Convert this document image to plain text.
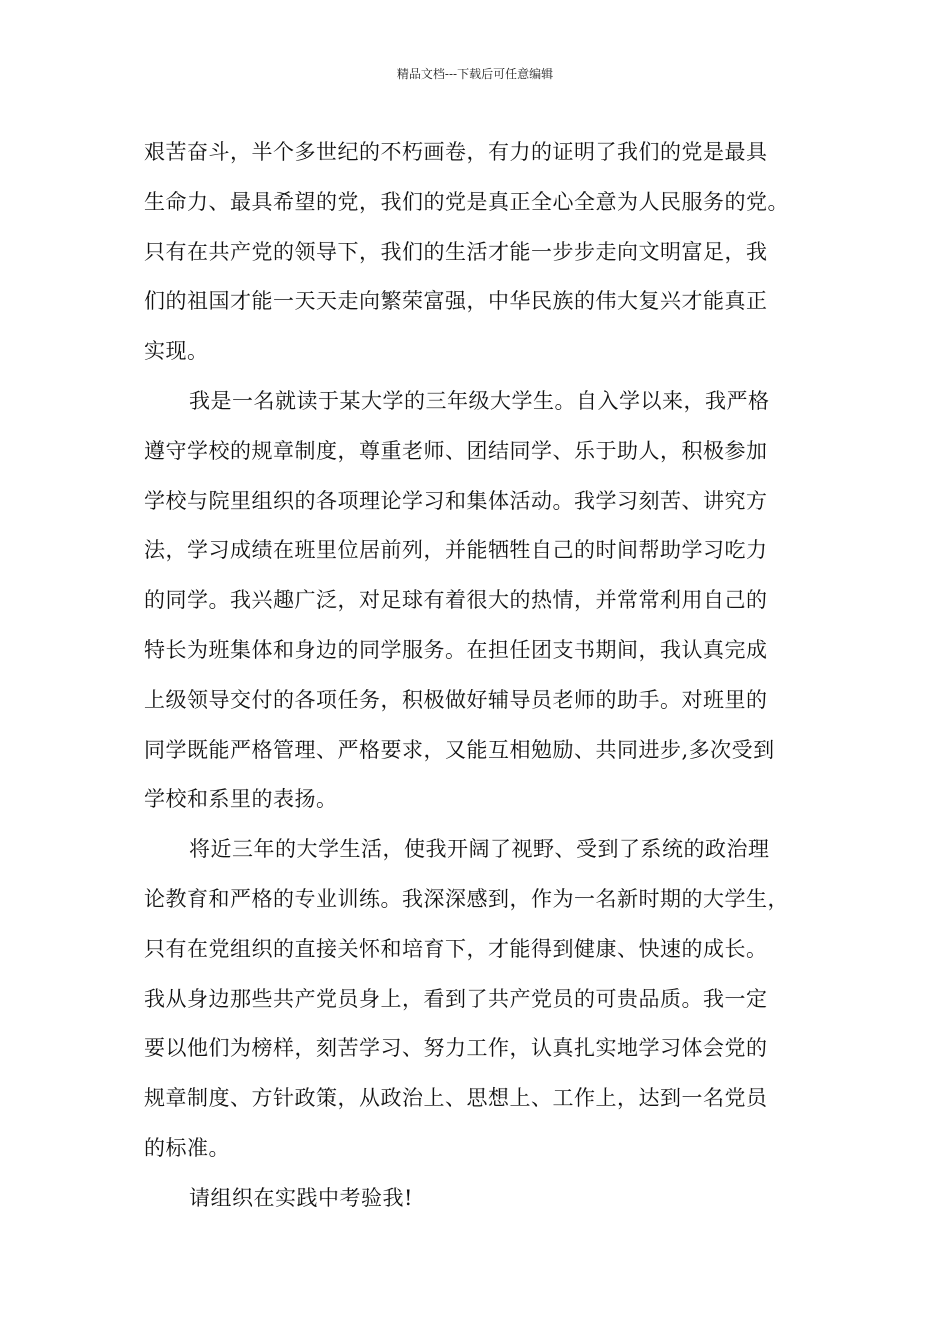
精品文档---下载后可任意编辑

艰苦奋斗，半个多世纪的不朽画卷，有力的证明了我们的党是最具
生命力、最具希望的党，我们的党是真正全心全意为人民服务的党。
只有在共产党的领导下，我们的生活才能一步步走向文明富足，我
们的祖国才能一天天走向繁荣富强，中华民族的伟大复兴才能真正
实现。

我是一名就读于某大学的三年级大学生。自入学以来，我严格
遵守学校的规章制度，尊重老师、团结同学、乐于助人，积极参加
学校与院里组织的各项理论学习和集体活动。我学习刻苦、讲究方
法，学习成绩在班里位居前列，并能牺牲自己的时间帮助学习吃力
的同学。我兴趣广泛，对足球有着很大的热情，并常常利用自己的
特长为班集体和身边的同学服务。在担任团支书期间，我认真完成
上级领导交付的各项任务，积极做好辅导员老师的助手。对班里的
同学既能严格管理、严格要求，又能互相勉励、共同进步,多次受到
学校和系里的表扬。

将近三年的大学生活，使我开阔了视野、受到了系统的政治理
论教育和严格的专业训练。我深深感到，作为一名新时期的大学生，
只有在党组织的直接关怀和培育下，才能得到健康、快速的成长。
我从身边那些共产党员身上，看到了共产党员的可贵品质。我一定
要以他们为榜样，刻苦学习、努力工作，认真扎实地学习体会党的
规章制度、方针政策，从政治上、思想上、工作上，达到一名党员
的标准。

请组织在实践中考验我!
